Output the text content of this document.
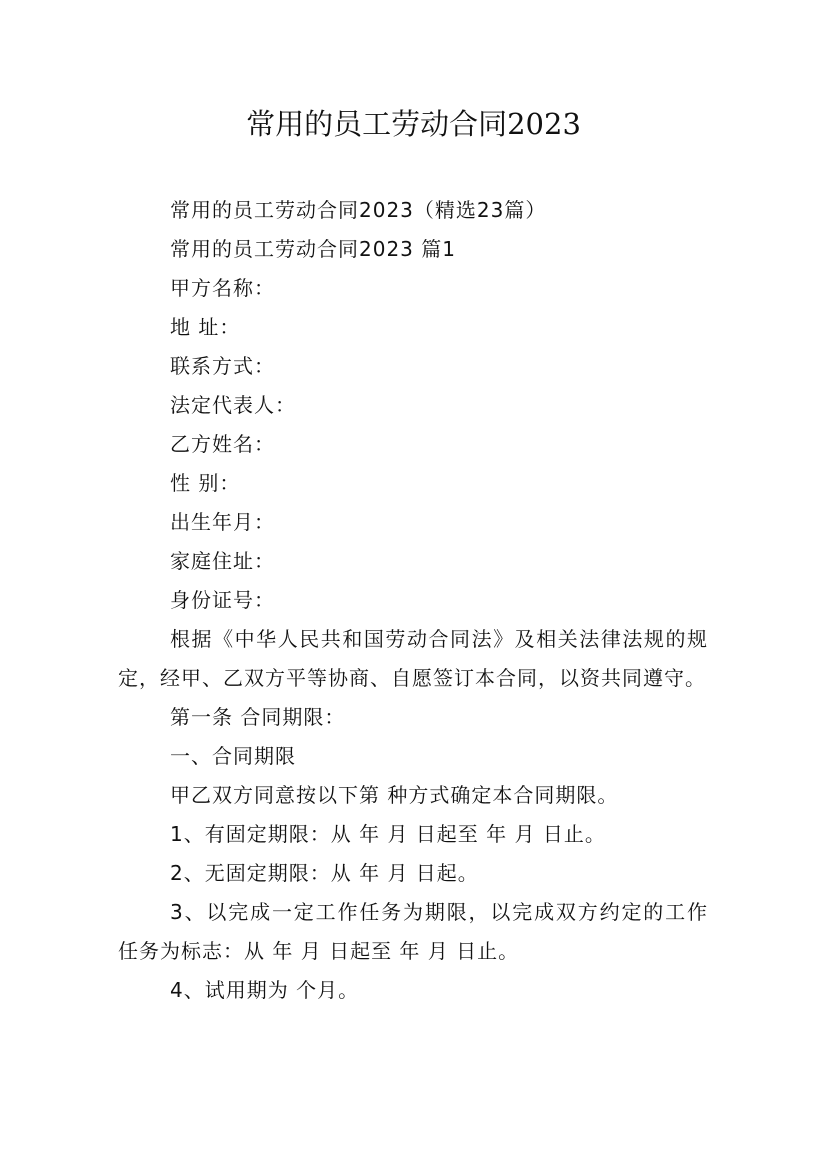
常用的员工劳动合同2023

常用的员工劳动合同2023（精选23篇）

常用的员工劳动合同2023 篇1

甲方名称：

地 址：

联系方式：

法定代表人：

乙方姓名：

性 别：

出生年月：

家庭住址：

身份证号：

根据《中华人民共和国劳动合同法》及相关法律法规的规定，经甲、乙双方平等协商、自愿签订本合同，以资共同遵守。

第一条 合同期限：

一、合同期限

甲乙双方同意按以下第 种方式确定本合同期限。

1、有固定期限：从 年 月 日起至 年 月 日止。

2、无固定期限：从 年 月 日起。

3、以完成一定工作任务为期限，以完成双方约定的工作任务为标志：从 年 月 日起至 年 月 日止。

4、试用期为 个月。
